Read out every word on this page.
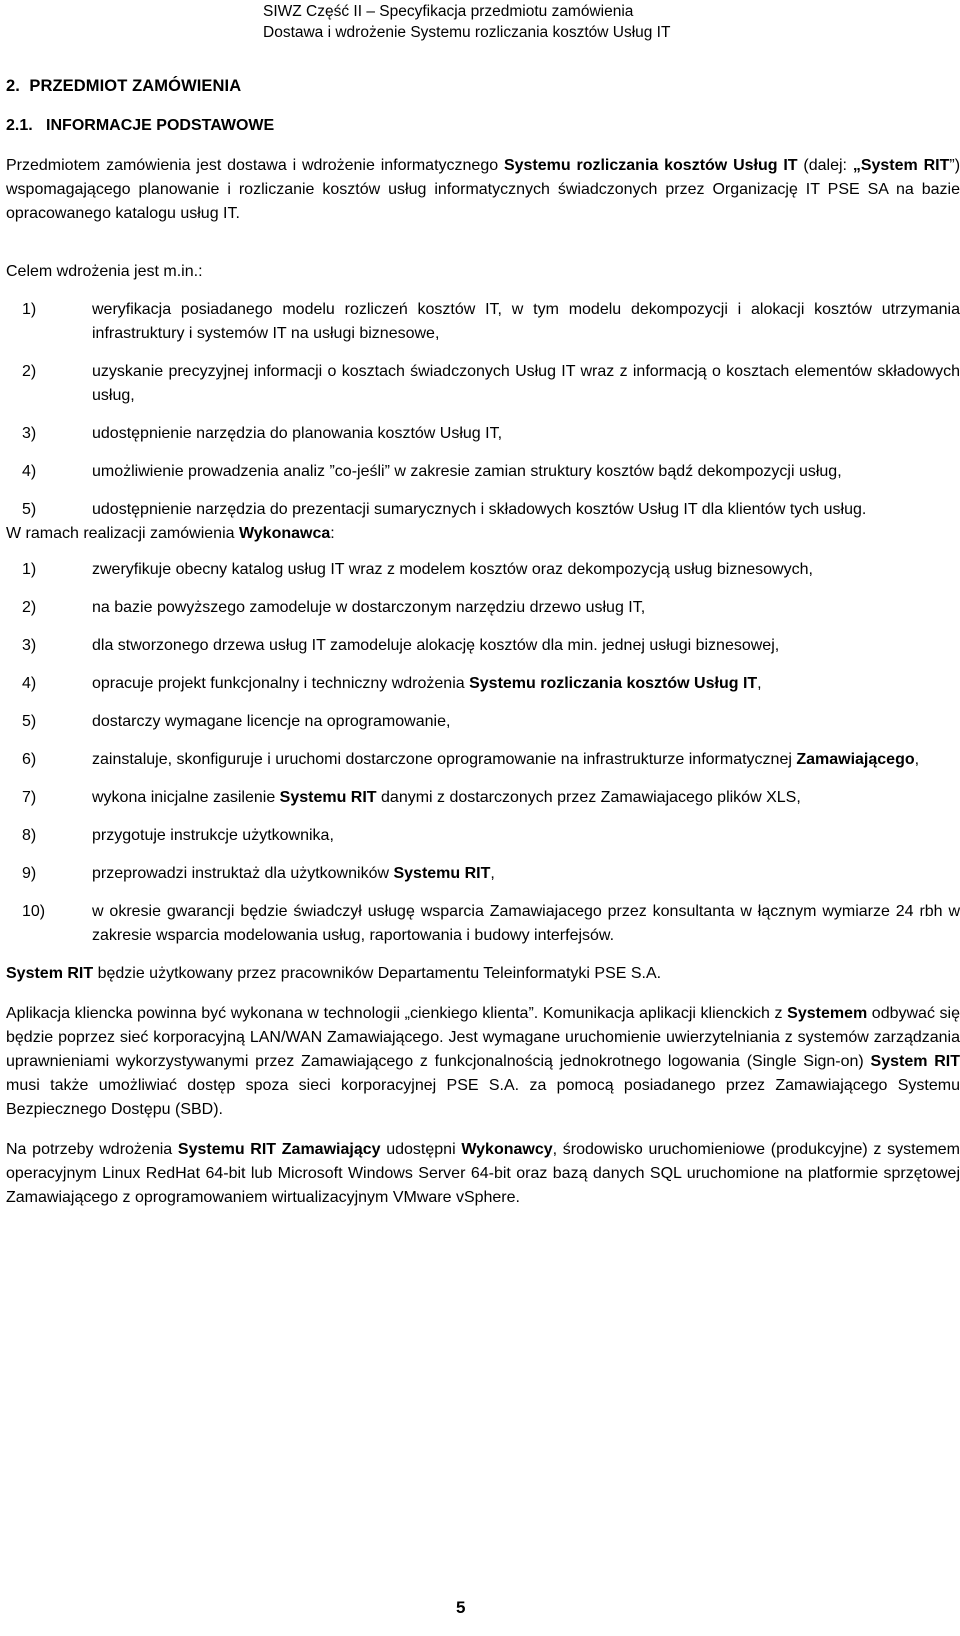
SIWZ Część II – Specyfikacja przedmiotu zamówienia
Dostawa i wdrożenie Systemu rozliczania kosztów Usług IT
2. PRZEDMIOT ZAMÓWIENIA
2.1. INFORMACJE PODSTAWOWE

Przedmiotem zamówienia jest dostawa i wdrożenie informatycznego Systemu rozliczania kosztów Usług IT (dalej: „System RIT”) wspomagającego planowanie i rozliczanie kosztów usług informatycznych świadczonych przez Organizację IT PSE SA na bazie opracowanego katalogu usług IT.

Celem wdrożenia jest m.in.:

1)	weryfikacja posiadanego modelu rozliczeń kosztów IT, w tym modelu dekompozycji i alokacji kosztów utrzymania infrastruktury i systemów IT na usługi biznesowe,
2)	uzyskanie precyzyjnej informacji o kosztach świadczonych Usług IT wraz z informacją o kosztach elementów składowych usług,
3)	udostępnienie narzędzia do planowania kosztów Usług IT,
4)	umożliwienie prowadzenia analiz ”co-jeśli” w zakresie zamian struktury kosztów bądź dekompozycji usług,
5)	udostępnienie narzędzia do prezentacji sumarycznych i składowych kosztów Usług IT dla klientów tych usług.

W ramach realizacji zamówienia Wykonawca:

1)	zweryfikuje obecny katalog usług IT wraz z modelem kosztów oraz dekompozycją usług biznesowych,
2)	na bazie powyższego zamodeluje w dostarczonym narzędziu drzewo usług IT,
3)	dla stworzonego drzewa usług IT zamodeluje alokację kosztów dla min. jednej usługi biznesowej,
4)	opracuje projekt funkcjonalny i techniczny wdrożenia Systemu rozliczania kosztów Usług IT,
5)	dostarczy wymagane licencje na oprogramowanie,
6)	zainstaluje, skonfiguruje i uruchomi dostarczone oprogramowanie na infrastrukturze informatycznej Zamawiającego,
7)	wykona inicjalne zasilenie Systemu RIT danymi z dostarczonych przez Zamawiajacego plików XLS,
8)	przygotuje instrukcje użytkownika,
9)	przeprowadzi instruktaż dla użytkowników Systemu RIT,
10)	w okresie gwarancji będzie świadczył usługę wsparcia Zamawiajacego przez konsultanta w łącznym wymiarze 24 rbh w zakresie wsparcia modelowania usług, raportowania i budowy interfejsów.

System RIT będzie użytkowany przez pracowników Departamentu Teleinformatyki PSE S.A.

Aplikacja kliencka powinna być wykonana w technologii „cienkiego klienta”. Komunikacja aplikacji klienckich z Systemem odbywać się będzie poprzez sieć korporacyjną LAN/WAN Zamawiającego. Jest wymagane uruchomienie uwierzytelniania z systemów zarządzania uprawnieniami wykorzystywanymi przez Zamawiającego z funkcjonalnością jednokrotnego logowania (Single Sign-on) System RIT musi także umożliwiać dostęp spoza sieci korporacyjnej PSE S.A. za pomocą posiadanego przez Zamawiającego Systemu Bezpiecznego Dostępu (SBD).

Na potrzeby wdrożenia Systemu RIT Zamawiający udostępni Wykonawcy, środowisko uruchomieniowe (produkcyjne) z systemem operacyjnym Linux RedHat 64-bit lub Microsoft Windows Server 64-bit oraz bazą danych SQL uruchomione na platformie sprzętowej Zamawiającego z oprogramowaniem wirtualizacyjnym VMware vSphere.

5
